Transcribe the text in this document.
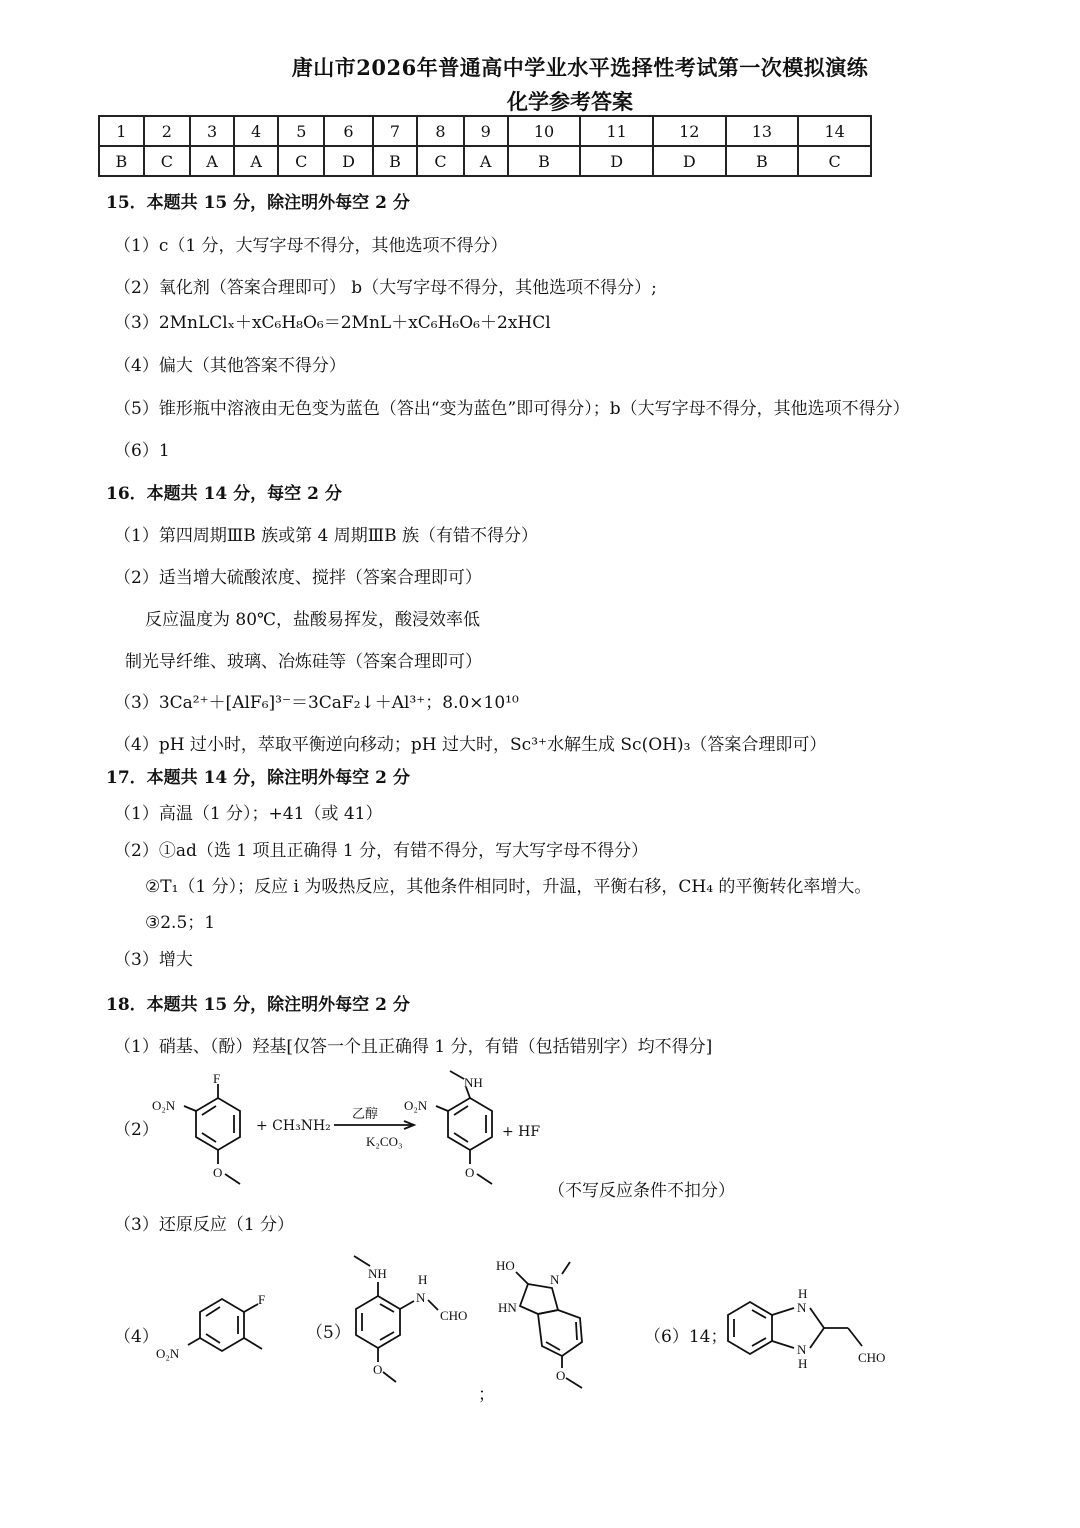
唐山市2026年普通高中学业水平选择性考试第一次模拟演练
化学参考答案
1	2	3	4	5	6	7	8	9	10	11	12	13	14
B	C	A	A	C	D	B	C	A	B	D	D	B	C
15．本题共 15 分，除注明外每空 2 分
（1）c（1 分，大写字母不得分，其他选项不得分）
（2）氧化剂（答案合理即可） b（大写字母不得分，其他选项不得分）;
（3）2MnLClₓ＋xC₆H₈O₆＝2MnL＋xC₆H₆O₆＋2xHCl
（4）偏大（其他答案不得分）
（5）锥形瓶中溶液由无色变为蓝色（答出“变为蓝色”即可得分）；b（大写字母不得分，其他选项不得分）
（6）1
16．本题共 14 分，每空 2 分
（1）第四周期ⅢB 族或第 4 周期ⅢB 族（有错不得分）
（2）适当增大硫酸浓度、搅拌（答案合理即可）
反应温度为 80℃，盐酸易挥发，酸浸效率低
制光导纤维、玻璃、冶炼硅等（答案合理即可）
（3）3Ca²⁺＋[AlF₆]³⁻＝3CaF₂↓＋Al³⁺；8.0×10¹⁰
（4）pH 过小时，萃取平衡逆向移动；pH 过大时，Sc³⁺水解生成 Sc(OH)₃（答案合理即可）
17．本题共 14 分，除注明外每空 2 分
（1）高温（1 分）；+41（或 41）
（2）①ad（选 1 项且正确得 1 分，有错不得分，写大写字母不得分）
②T₁（1 分）；反应 i 为吸热反应，其他条件相同时，升温，平衡右移，CH₄ 的平衡转化率增大。
③2.5；1
（3）增大
18．本题共 15 分，除注明外每空 2 分
（1）硝基、（酚）羟基[仅答一个且正确得 1 分，有错（包括错别字）均不得分]
（2）
F
O₂N
O
+ CH₃NH₂
乙醇
K₂CO₃
NH
O₂N
O
+ HF
（不写反应条件不扣分）
（3）还原反应（1 分）
（4）
F
O₂N
（5）
NH H
N
CHO
O
HO
HN
N
O
；
（6）14；
H
N
N
H	CHO
